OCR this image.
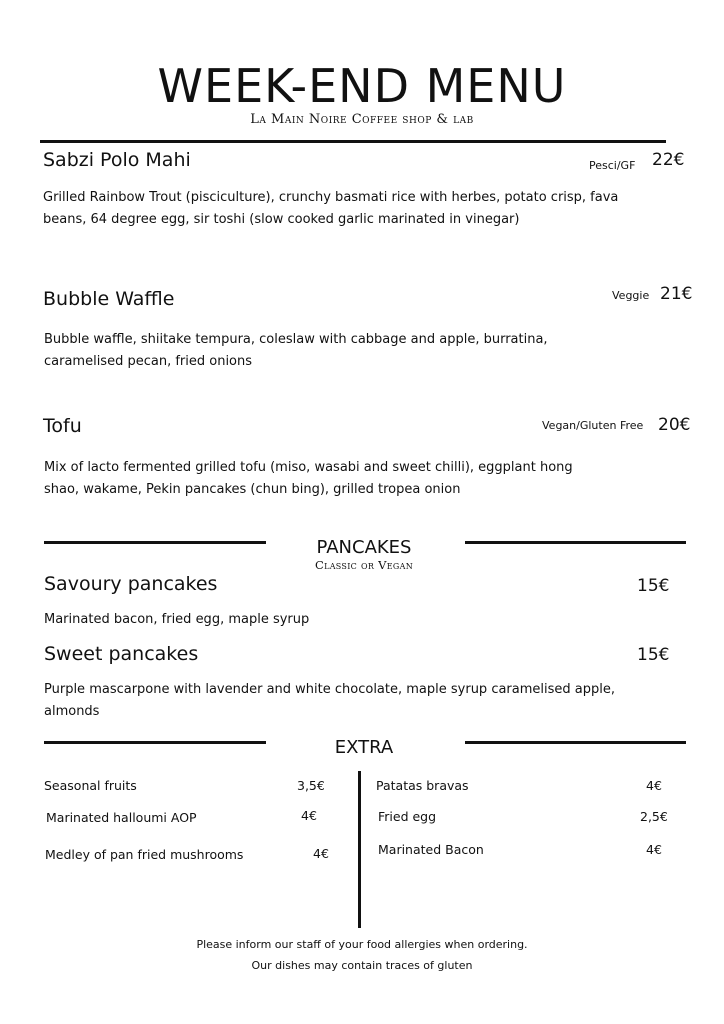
WEEK-END MENU
La Main Noire Coffee shop & lab
Sabzi Polo Mahi	Pesci/GF 22€
Grilled Rainbow Trout (pisciculture), crunchy basmati rice with herbes, potato crisp, fava beans, 64 degree egg, sir toshi (slow cooked garlic marinated in vinegar)
Bubble Waffle	Veggie 21€
Bubble waffle, shiitake tempura, coleslaw with cabbage and apple, burratina, caramelised pecan, fried onions
Tofu	Vegan/Gluten Free 20€
Mix of lacto fermented grilled tofu (miso, wasabi and sweet chilli), eggplant hong shao, wakame, Pekin pancakes (chun bing), grilled tropea onion
PANCAKES
Classic or Vegan
Savoury pancakes	15€
Marinated bacon, fried egg, maple syrup
Sweet pancakes	15€
Purple mascarpone with lavender and white chocolate, maple syrup caramelised apple, almonds
EXTRA
Seasonal fruits	3,5€
Marinated halloumi AOP	4€
Medley of pan fried mushrooms	4€
Patatas bravas	4€
Fried egg	2,5€
Marinated Bacon	4€
Please inform our staff of your food allergies when ordering.
Our dishes may contain traces of gluten
